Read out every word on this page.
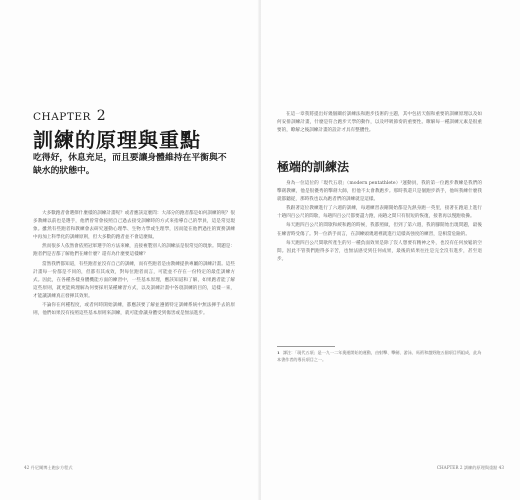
CHAPTER 2
訓練的原理與重點
吃得好，休息充足，而且要讓身體維持在平衡與不缺水的狀態中。

大多數跑者會選擇什麼樣的訓練計畫呢？或者應該這麼問：大部分的跑者都是如何訓練的呢？很多教練以前也是選手，他們曾常會按照自己過去接受訓練時的方式來指導自己的學員，這是常見現象。雖然有些跑者和教練會去研究運動心理學、生物力學或生理學，因而能在他們過往的實務訓練中再加上科學化的訓練原則，但大多數的跑者並不會這麼做。

然而很多人依然會依照冠軍選手的方法來練，直接複製別人的訓練法是很常見的現象。問題是：跑者們是否都了解他們在練什麼？還有為什麼要這樣練？

當然我們都知道，有些跑者並沒有自己的訓練，而有些跑者是由教練提供專屬的訓練計畫。這些計畫每一份都是不同的，但都有其成效，對每位跑者而言，可能並不存在一份特定的最佳訓練方式。因此，在各種各樣身體機能方面的練習中，一些基本原理，應該知道和了解，如果跑者能了解這些原則，就更能夠理解為何要採用某種練習方式，以及訓練計畫中各項訓練的目的，這樣一來，才能讓訓練真正發揮其效果。

不論你在何種程度，或者何時開始訓練，都應該要了解並遵循特定訓練系統中無法揮手去的原則，他們如果沒有按照這些基本原則來訓練，就可能會讓身體受到傷害或是無法進步。

42 丹尼爾博士跑步方程式

在這一章我將提出好幾個關於訓練法和跑步技術的主題，其中包括天個和重要的訓練原理以及如何安排訓練計畫，什麼是符合跑步天學的動作，以及呼吸節奏的重要性。瞭解每一種訓練元素是很重要的，瞭解之後訓練計畫的設計才具有整體性。

極端的訓練法

身為一位這位的「現代五項」（modern pentathlete）¹運動員，我的第一位跑步教練是我們的擊劍教練，他是很優秀的擊劍大師，但他不太會教跑步。那時我還只是個跑步新手，他叫我練什麼我就都聽從，那時我也以為跑者們的訓練就是這樣。

我跟著這位教練進行了六週的訓練，每週練習表剛開始都是先熱身跑一英里，接著在跑道上進行十趟四百公尺的間歇，每趟四百公尺都要盡力跑，兩趟之間只有很短的恢復，接著再以慢跑收操。

每天跑四百公尺的間歇和緩和跑的時候，我都照做，但到了第六週，我的腳開始出現問題，最後在練習時受傷了。對一位新手而言，在訓練頭幾週裡就進行這樣高強度的練習，是相當危險的。

每天跑四百公尺間歇所產生的另一種負面效果是除了沒人想要有精神之外，也沒有任何放鬆的空間。因此不管我們跑得多辛苦，也無法感受到任何成果，最後的結果往往是完全沒有進步，甚至退步。

1 譯注：「現代五項」是一九一二年奧運開始的運動，由射擊、擊劍、游泳、馬術和越野跑五個項目所組成，此為本書作者的專長項目之一。
CHAPTER 2 訓練的原理與重點 43
